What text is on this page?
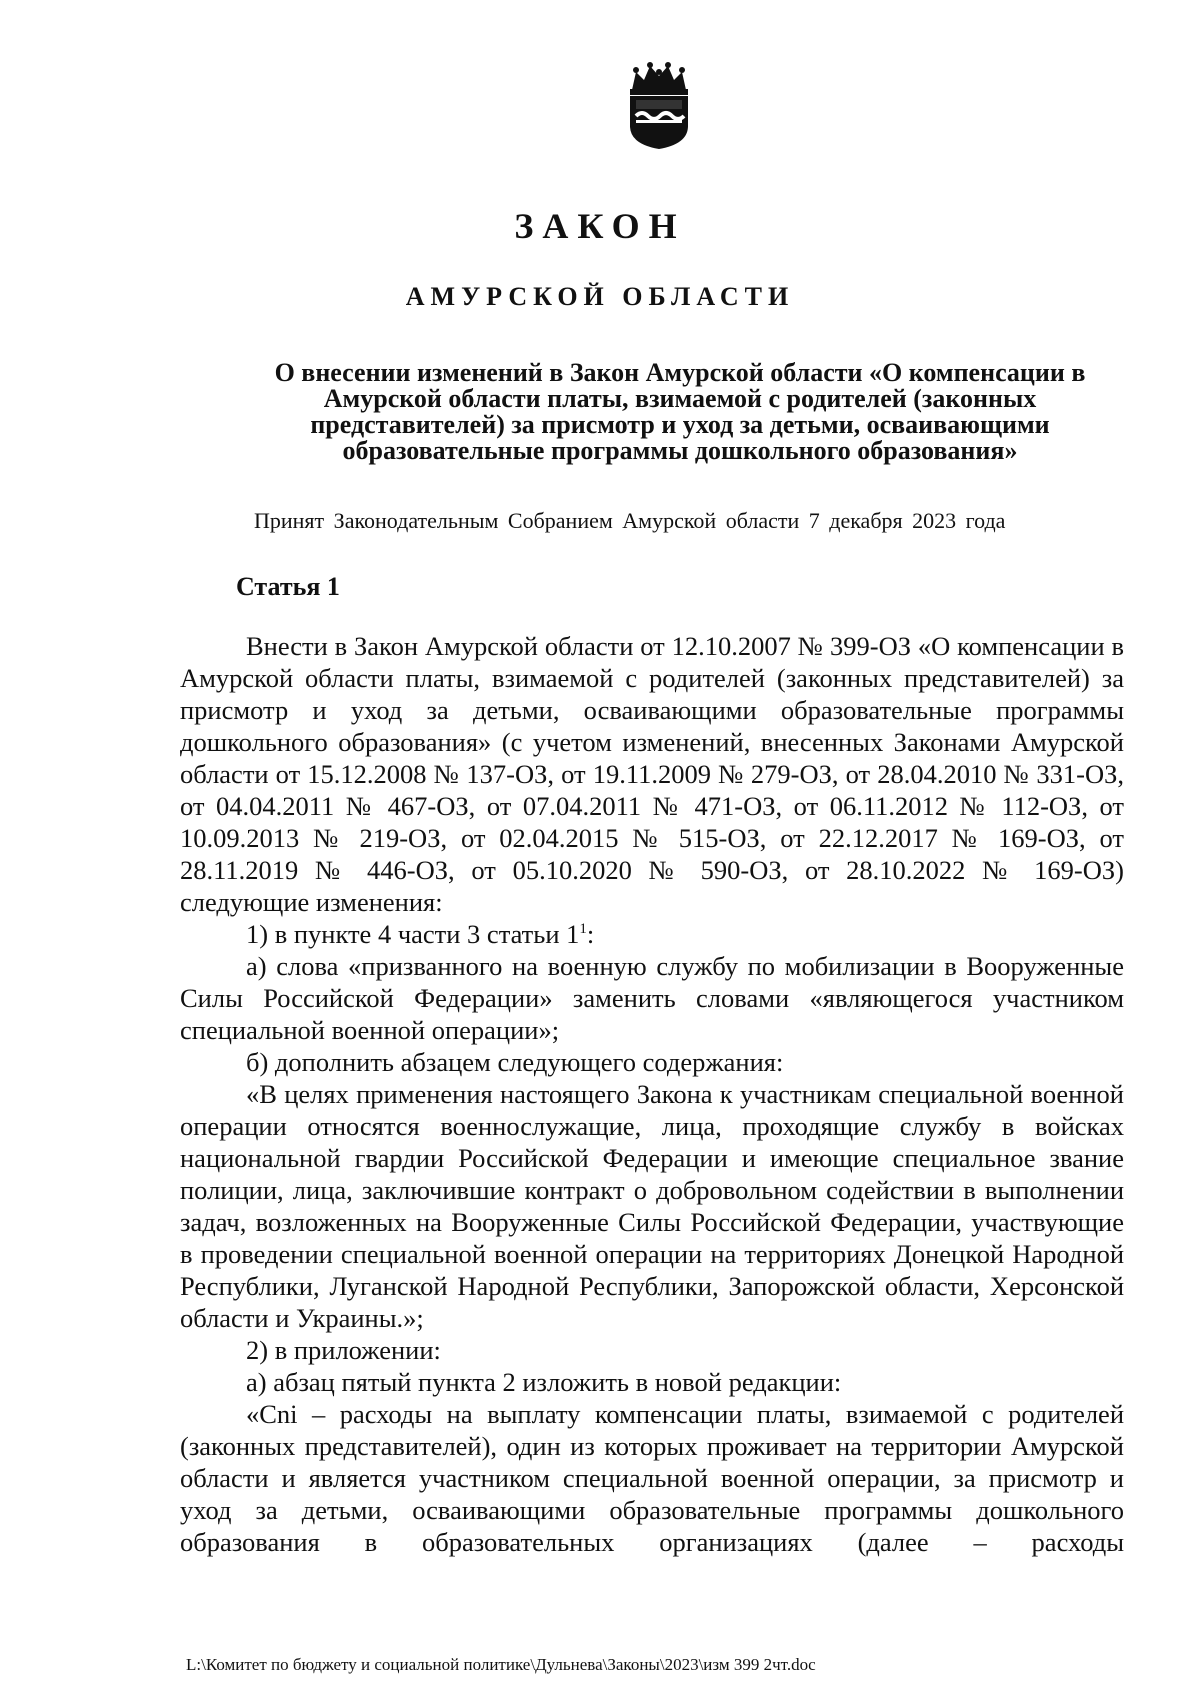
ЗАКОН
АМУРСКОЙ ОБЛАСТИ
О внесении изменений в Закон Амурской области «О компенсации в Амурской области платы, взимаемой с родителей (законных представителей) за присмотр и уход за детьми, осваивающими образовательные программы дошкольного образования»
Принят Законодательным Собранием Амурской области 7 декабря 2023 года
Статья 1

Внести в Закон Амурской области от 12.10.2007 № 399-ОЗ «О компенсации в Амурской области платы, взимаемой с родителей (законных представителей) за присмотр и уход за детьми, осваивающими образовательные программы дошкольного образования» (с учетом изменений, внесенных Законами Амурской области от 15.12.2008 № 137-ОЗ, от 19.11.2009 № 279-ОЗ, от 28.04.2010 № 331-ОЗ, от 04.04.2011 № 467-ОЗ, от 07.04.2011 № 471-ОЗ, от 06.11.2012 № 112-ОЗ, от 10.09.2013 № 219-ОЗ, от 02.04.2015 № 515-ОЗ, от 22.12.2017 № 169-ОЗ, от 28.11.2019 № 446-ОЗ, от 05.10.2020 № 590-ОЗ, от 28.10.2022 № 169-ОЗ) следующие изменения:

1) в пункте 4 части 3 статьи $1^1$:

а) слова «призванного на военную службу по мобилизации в Вооруженные Силы Российской Федерации» заменить словами «являющегося участником специальной военной операции»;

б) дополнить абзацем следующего содержания:

«В целях применения настоящего Закона к участникам специальной военной операции относятся военнослужащие, лица, проходящие службу в войсках национальной гвардии Российской Федерации и имеющие специальное звание полиции, лица, заключившие контракт о добровольном содействии в выполнении задач, возложенных на Вооруженные Силы Российской Федерации, участвующие в проведении специальной военной операции на территориях Донецкой Народной Республики, Луганской Народной Республики, Запорожской области, Херсонской области и Украины.»;

2) в приложении:

а) абзац пятый пункта 2 изложить в новой редакции:

«Cni – расходы на выплату компенсации платы, взимаемой с родителей (законных представителей), один из которых проживает на территории Амурской области и является участником специальной военной операции, за присмотр и уход за детьми, осваивающими образовательные программы дошкольного образования в образовательных организациях (далее – расходы

L:\Комитет по бюджету и социальной политике\Дульнева\Законы\2023\изм 399 2чт.doc
